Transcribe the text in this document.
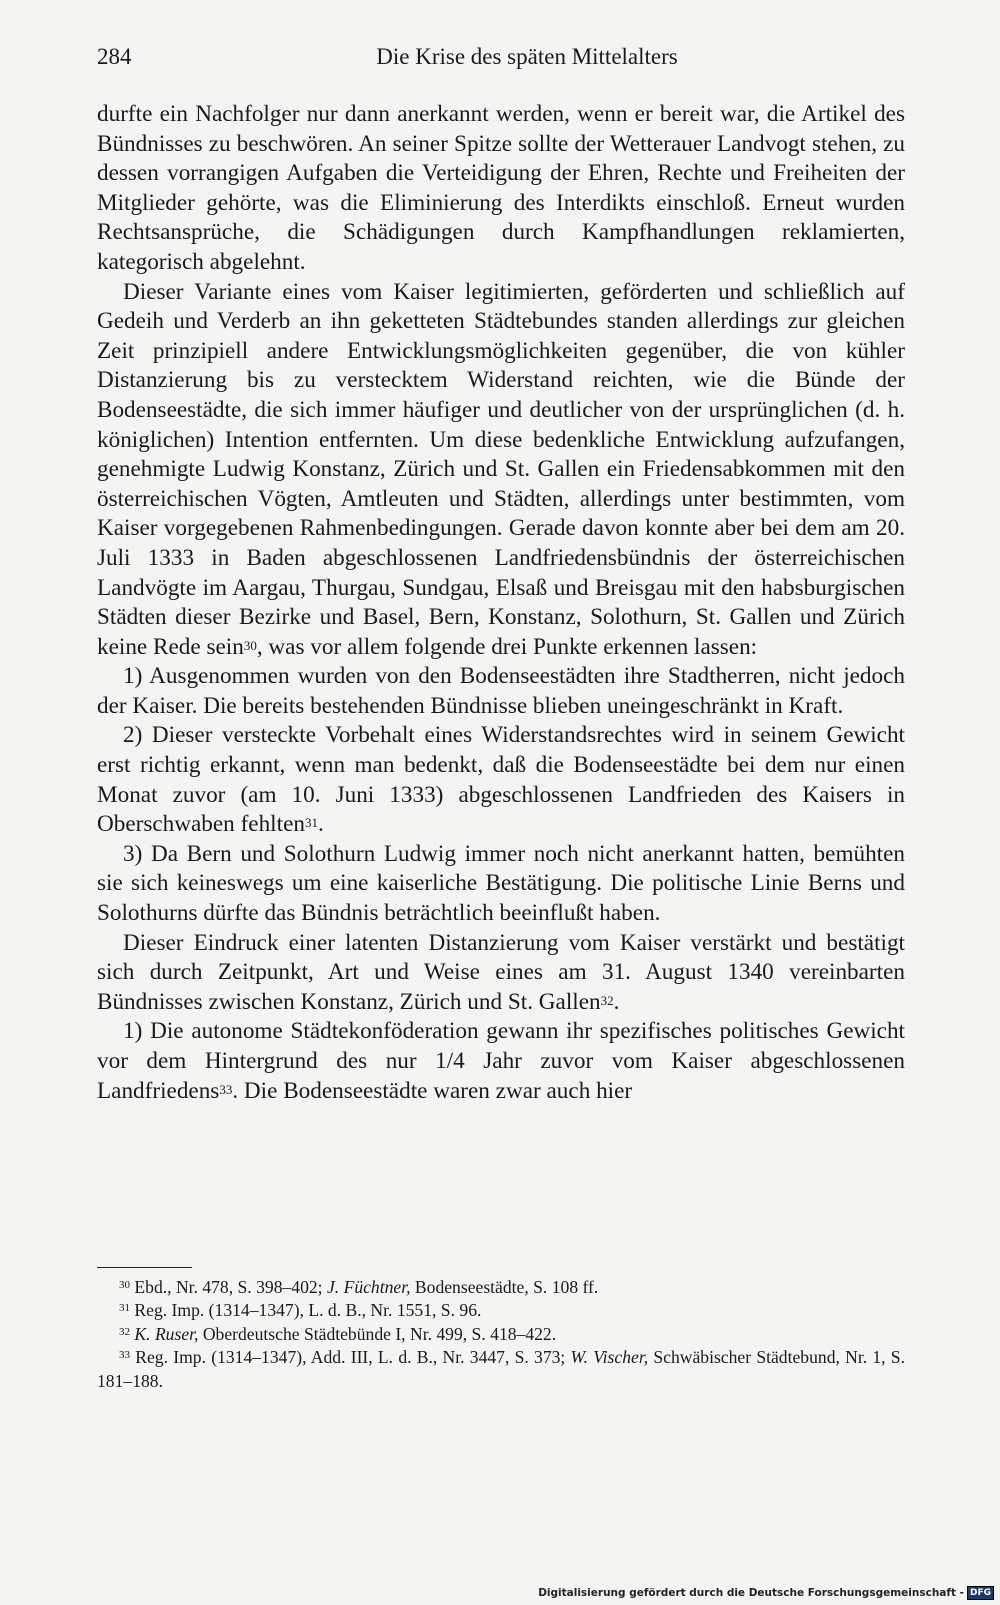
284	Die Krise des späten Mittelalters

durfte ein Nachfolger nur dann anerkannt werden, wenn er bereit war, die Artikel des Bündnisses zu beschwören. An seiner Spitze sollte der Wetterauer Landvogt stehen, zu dessen vorrangigen Aufgaben die Verteidigung der Ehren, Rechte und Freiheiten der Mitglieder gehörte, was die Eliminierung des Interdikts einschloß. Erneut wurden Rechtsansprüche, die Schädigungen durch Kampfhandlungen reklamierten, kategorisch abgelehnt.

Dieser Variante eines vom Kaiser legitimierten, geförderten und schließlich auf Gedeih und Verderb an ihn geketteten Städtebundes standen allerdings zur gleichen Zeit prinzipiell andere Entwicklungsmöglichkeiten gegenüber, die von kühler Distanzierung bis zu verstecktem Widerstand reichten, wie die Bünde der Bodenseestädte, die sich immer häufiger und deutlicher von der ursprünglichen (d. h. königlichen) Intention entfernten. Um diese bedenkliche Entwicklung aufzufangen, genehmigte Ludwig Konstanz, Zürich und St. Gallen ein Friedensabkommen mit den österreichischen Vögten, Amtleuten und Städten, allerdings unter bestimmten, vom Kaiser vorgegebenen Rahmenbedingungen. Gerade davon konnte aber bei dem am 20. Juli 1333 in Baden abgeschlossenen Landfriedensbündnis der österreichischen Landvögte im Aargau, Thurgau, Sundgau, Elsaß und Breisgau mit den habsburgischen Städten dieser Bezirke und Basel, Bern, Konstanz, Solothurn, St. Gallen und Zürich keine Rede sein$^{30}$, was vor allem folgende drei Punkte erkennen lassen:

1) Ausgenommen wurden von den Bodenseestädten ihre Stadtherren, nicht jedoch der Kaiser. Die bereits bestehenden Bündnisse blieben uneingeschränkt in Kraft.

2) Dieser versteckte Vorbehalt eines Widerstandsrechtes wird in seinem Gewicht erst richtig erkannt, wenn man bedenkt, daß die Bodenseestädte bei dem nur einen Monat zuvor (am 10. Juni 1333) abgeschlossenen Landfrieden des Kaisers in Oberschwaben fehlten$^{31}$.

3) Da Bern und Solothurn Ludwig immer noch nicht anerkannt hatten, bemühten sie sich keineswegs um eine kaiserliche Bestätigung. Die politische Linie Berns und Solothurns dürfte das Bündnis beträchtlich beeinflußt haben.

Dieser Eindruck einer latenten Distanzierung vom Kaiser verstärkt und bestätigt sich durch Zeitpunkt, Art und Weise eines am 31. August 1340 vereinbarten Bündnisses zwischen Konstanz, Zürich und St. Gallen$^{32}$.

1) Die autonome Städtekonföderation gewann ihr spezifisches politisches Gewicht vor dem Hintergrund des nur 1/4 Jahr zuvor vom Kaiser abgeschlossenen Landfriedens$^{33}$. Die Bodenseestädte waren zwar auch hier

$^{30}$ Ebd., Nr. 478, S. 398–402; J. Füchtner, Bodenseestädte, S. 108 ff.

$^{31}$ Reg. Imp. (1314–1347), L. d. B., Nr. 1551, S. 96.

$^{32}$ K. Ruser, Oberdeutsche Städtebünde I, Nr. 499, S. 418–422.

$^{33}$ Reg. Imp. (1314–1347), Add. III, L. d. B., Nr. 3447, S. 373; W. Vischer, Schwäbischer Städtebund, Nr. 1, S. 181–188.

Digitalisierung gefördert durch die Deutsche Forschungsgemeinschaft - DFG
